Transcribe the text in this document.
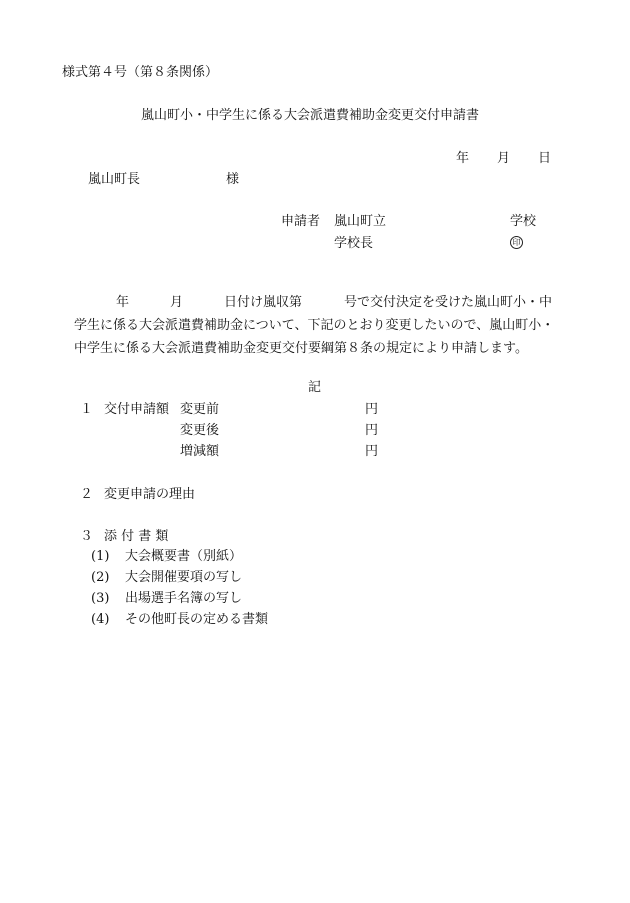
様式第４号（第８条関係）
嵐山町小・中学生に係る大会派遣費補助金変更交付申請書
年 月 日
嵐山町長	様
申請者 嵐山町立	学校
学校長	印
年	月	日付け嵐収第	号で交付決定を受けた嵐山町小・中
学生に係る大会派遣費補助金について、下記のとおり変更したいので、嵐山町小・
中学生に係る大会派遣費補助金変更交付要綱第８条の規定により申請します。
記
１ 交付申請額 変更前	円
変更後	円
増減額	円
２ 変更申請の理由
３ 添 付 書 類
(1) 大会概要書（別紙）
(2) 大会開催要項の写し
(3) 出場選手名簿の写し
(4) その他町長の定める書類
